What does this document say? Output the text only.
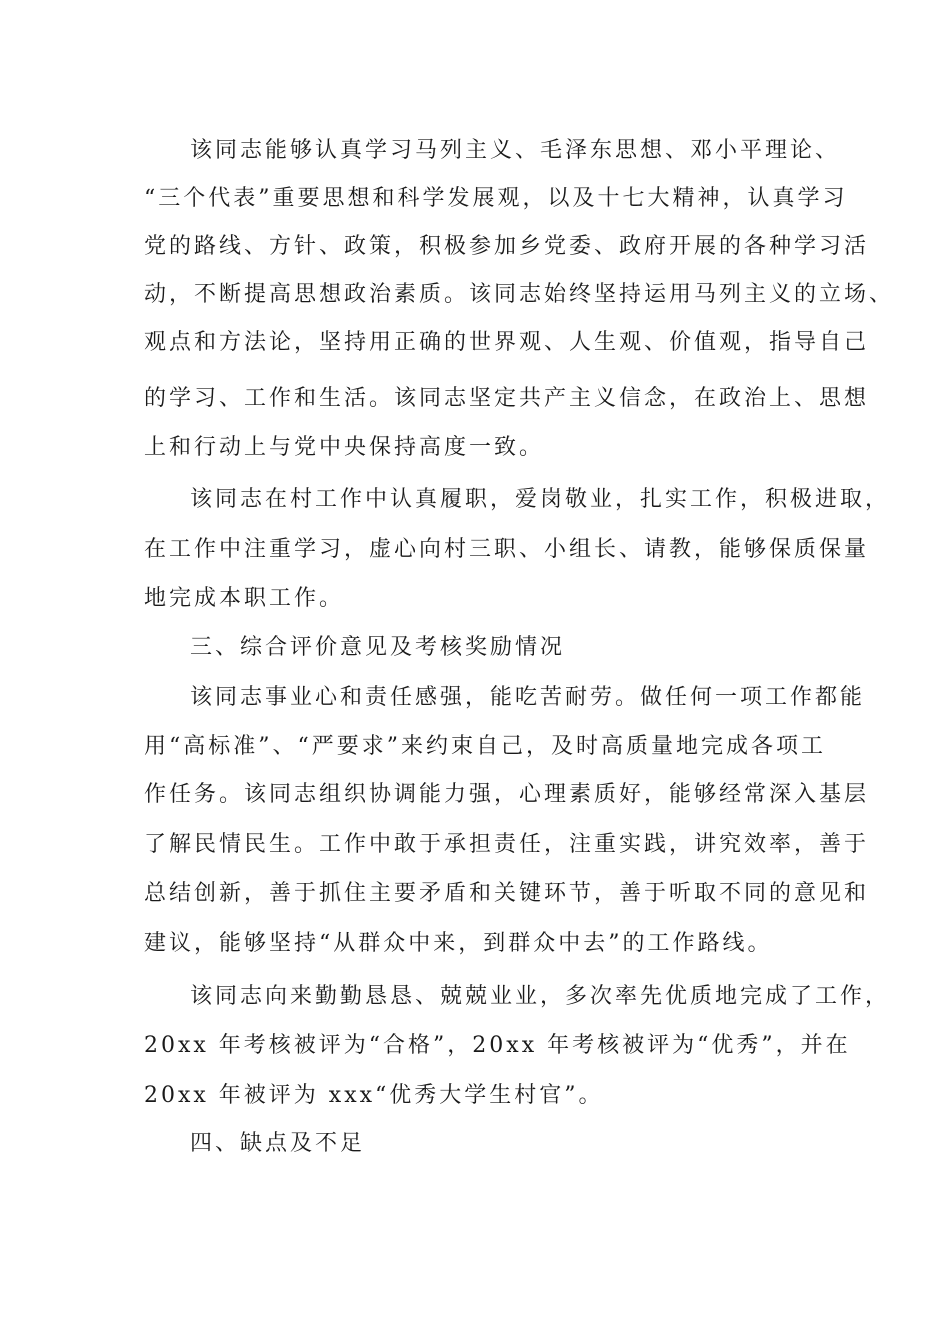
该同志能够认真学习马列主义、毛泽东思想、邓小平理论、

“三个代表”重要思想和科学发展观，以及十七大精神，认真学习

党的路线、方针、政策，积极参加乡党委、政府开展的各种学习活

动，不断提高思想政治素质。该同志始终坚持运用马列主义的立场、

观点和方法论，坚持用正确的世界观、人生观、价值观，指导自己

的学习、工作和生活。该同志坚定共产主义信念，在政治上、思想

上和行动上与党中央保持高度一致。

该同志在村工作中认真履职，爱岗敬业，扎实工作，积极进取，

在工作中注重学习，虚心向村三职、小组长、请教，能够保质保量

地完成本职工作。

三、综合评价意见及考核奖励情况

该同志事业心和责任感强，能吃苦耐劳。做任何一项工作都能

用“高标准”、“严要求”来约束自己，及时高质量地完成各项工

作任务。该同志组织协调能力强，心理素质好，能够经常深入基层

了解民情民生。工作中敢于承担责任，注重实践，讲究效率，善于

总结创新，善于抓住主要矛盾和关键环节，善于听取不同的意见和

建议，能够坚持“从群众中来，到群众中去”的工作路线。

该同志向来勤勤恳恳、兢兢业业，多次率先优质地完成了工作，

20xx 年考核被评为“合格”，20xx 年考核被评为“优秀”，并在

20xx 年被评为 xxx“优秀大学生村官”。

四、缺点及不足
